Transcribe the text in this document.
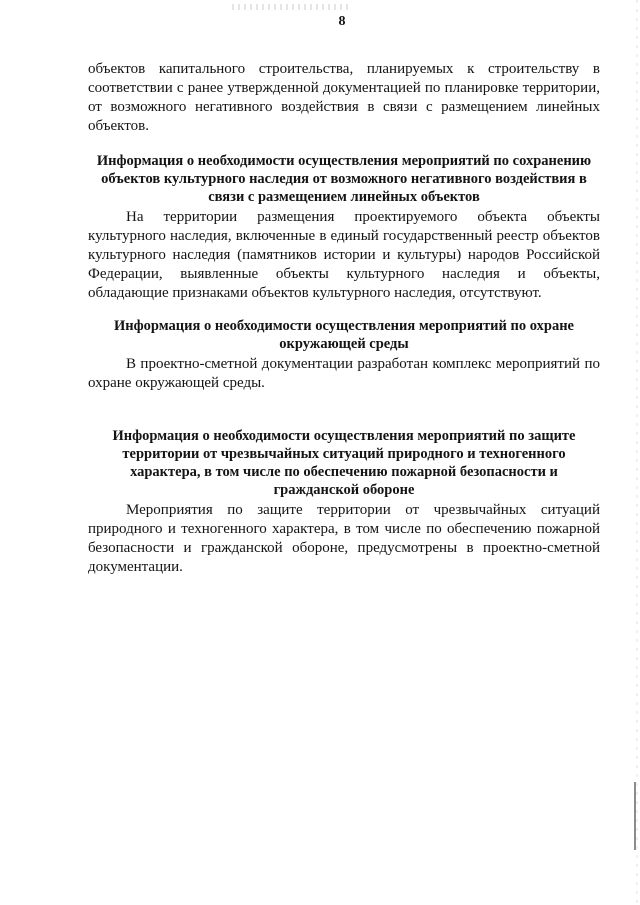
8

объектов капитального строительства, планируемых к строительству в соответствии с ранее утвержденной документацией по планировке территории, от возможного негативного воздействия в связи с размещением линейных объектов.

Информация о необходимости осуществления мероприятий по сохранению объектов культурного наследия от возможного негативного воздействия в связи с размещением линейных объектов

На территории размещения проектируемого объекта объекты культурного наследия, включенные в единый государственный реестр объектов культурного наследия (памятников истории и культуры) народов Российской Федерации, выявленные объекты культурного наследия и объекты, обладающие признаками объектов культурного наследия, отсутствуют.

Информация о необходимости осуществления мероприятий по охране окружающей среды

В проектно-сметной документации разработан комплекс мероприятий по охране окружающей среды.

Информация о необходимости осуществления мероприятий по защите территории от чрезвычайных ситуаций природного и техногенного характера, в том числе по обеспечению пожарной безопасности и гражданской обороне

Мероприятия по защите территории от чрезвычайных ситуаций природного и техногенного характера, в том числе по обеспечению пожарной безопасности и гражданской обороне, предусмотрены в проектно-сметной документации.
